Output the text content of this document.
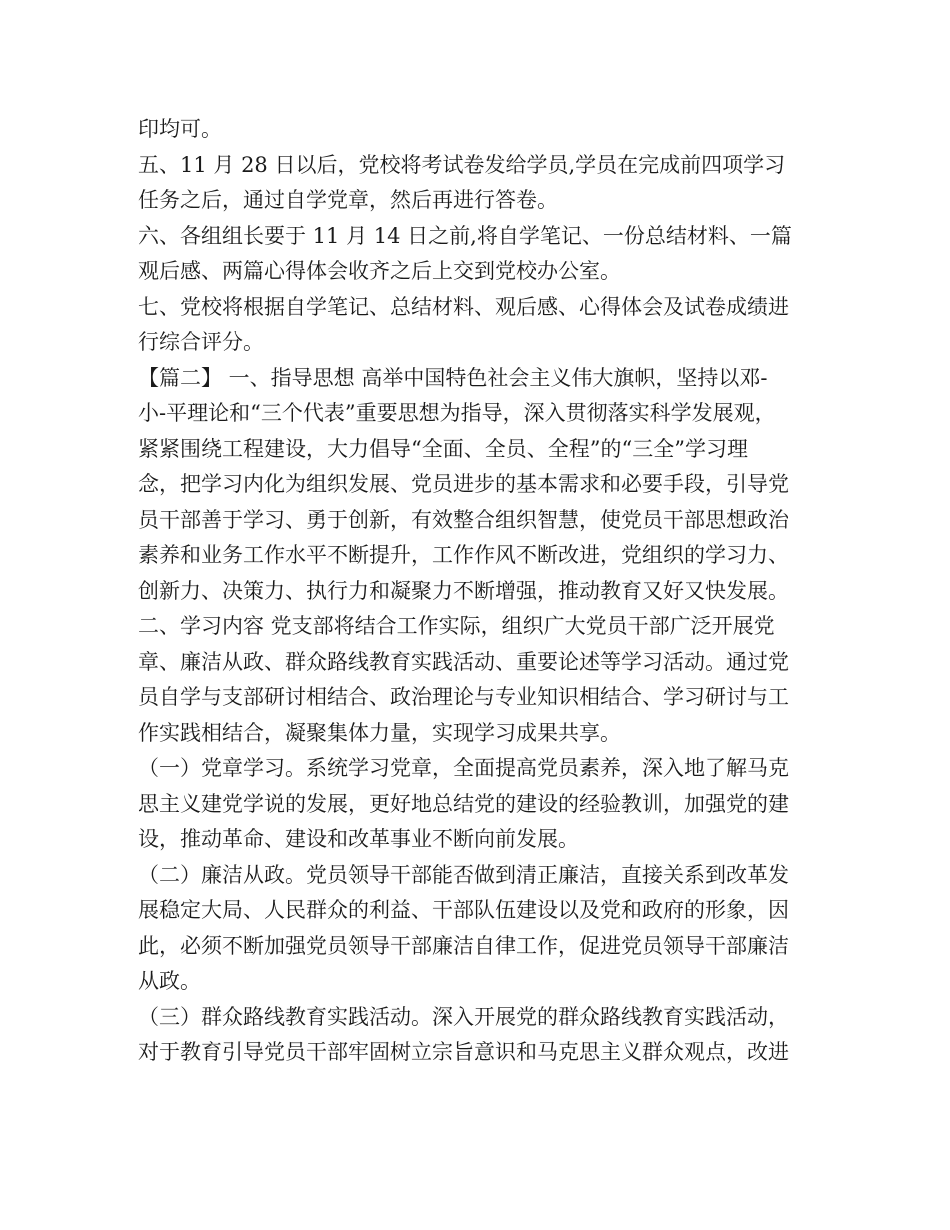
印均可。
五、11 月 28 日以后，党校将考试卷发给学员,学员在完成前四项学习
任务之后，通过自学党章，然后再进行答卷。
六、各组组长要于 11 月 14 日之前,将自学笔记、一份总结材料、一篇
观后感、两篇心得体会收齐之后上交到党校办公室。
七、党校将根据自学笔记、总结材料、观后感、心得体会及试卷成绩进
行综合评分。
【篇二】 一、指导思想 高举中国特色社会主义伟大旗帜，坚持以邓-
小-平理论和“三个代表”重要思想为指导，深入贯彻落实科学发展观，
紧紧围绕工程建设，大力倡导“全面、全员、全程”的“三全”学习理
念，把学习内化为组织发展、党员进步的基本需求和必要手段，引导党
员干部善于学习、勇于创新，有效整合组织智慧，使党员干部思想政治
素养和业务工作水平不断提升，工作作风不断改进，党组织的学习力、
创新力、决策力、执行力和凝聚力不断增强，推动教育又好又快发展。
二、学习内容 党支部将结合工作实际，组织广大党员干部广泛开展党
章、廉洁从政、群众路线教育实践活动、重要论述等学习活动。通过党
员自学与支部研讨相结合、政治理论与专业知识相结合、学习研讨与工
作实践相结合，凝聚集体力量，实现学习成果共享。
（一）党章学习。系统学习党章，全面提高党员素养，深入地了解马克
思主义建党学说的发展，更好地总结党的建设的经验教训，加强党的建
设，推动革命、建设和改革事业不断向前发展。
（二）廉洁从政。党员领导干部能否做到清正廉洁，直接关系到改革发
展稳定大局、人民群众的利益、干部队伍建设以及党和政府的形象，因
此，必须不断加强党员领导干部廉洁自律工作，促进党员领导干部廉洁
从政。
（三）群众路线教育实践活动。深入开展党的群众路线教育实践活动，
对于教育引导党员干部牢固树立宗旨意识和马克思主义群众观点，改进
